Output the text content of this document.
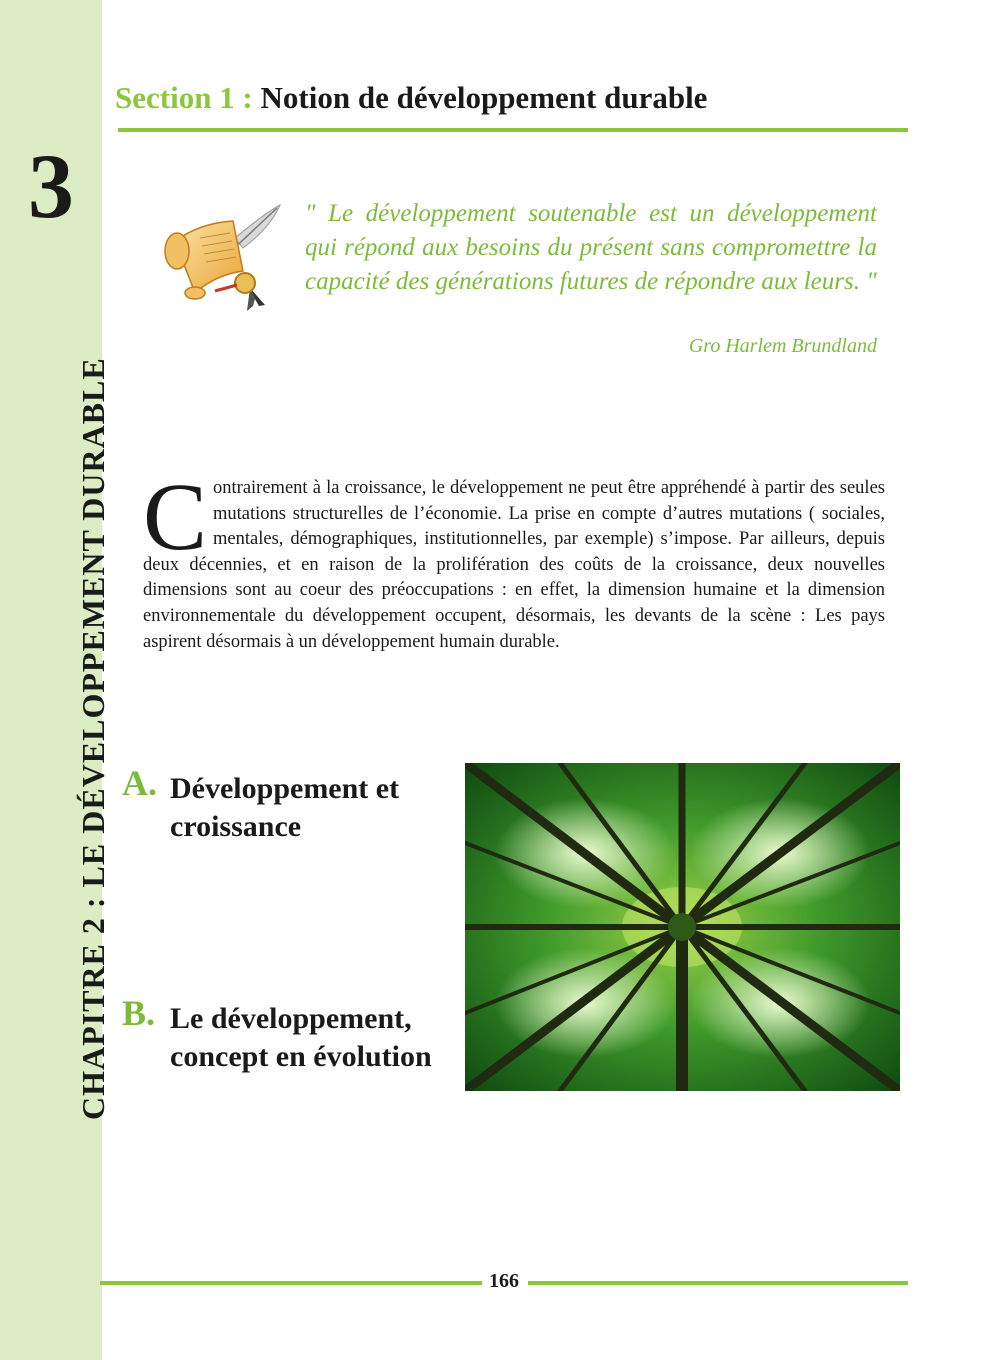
3
CHAPITRE 2 : LE DÉVELOPPEMENT DURABLE
Section 1 : Notion de développement durable
" Le développement soutenable est un développement qui répond aux besoins du présent sans compromettre la capacité des générations futures de répondre aux leurs. "
Gro Harlem Brundland
Contrairement à la croissance, le développement ne peut être appréhendé à partir des seules mutations structurelles de l’économie. La prise en compte d’autres mutations ( sociales, mentales, démographiques, institutionnelles, par exemple) s’impose. Par ailleurs, depuis deux décennies, et en raison de la prolifération des coûts de la croissance, deux nouvelles dimensions sont au coeur des préoccupations : en effet, la dimension humaine et la dimension environnementale du développement occupent, désormais, les devants de la scène : Les pays aspirent désormais à un développement humain durable.
A. Développement et croissance
B. Le développement, concept en évolution
166
